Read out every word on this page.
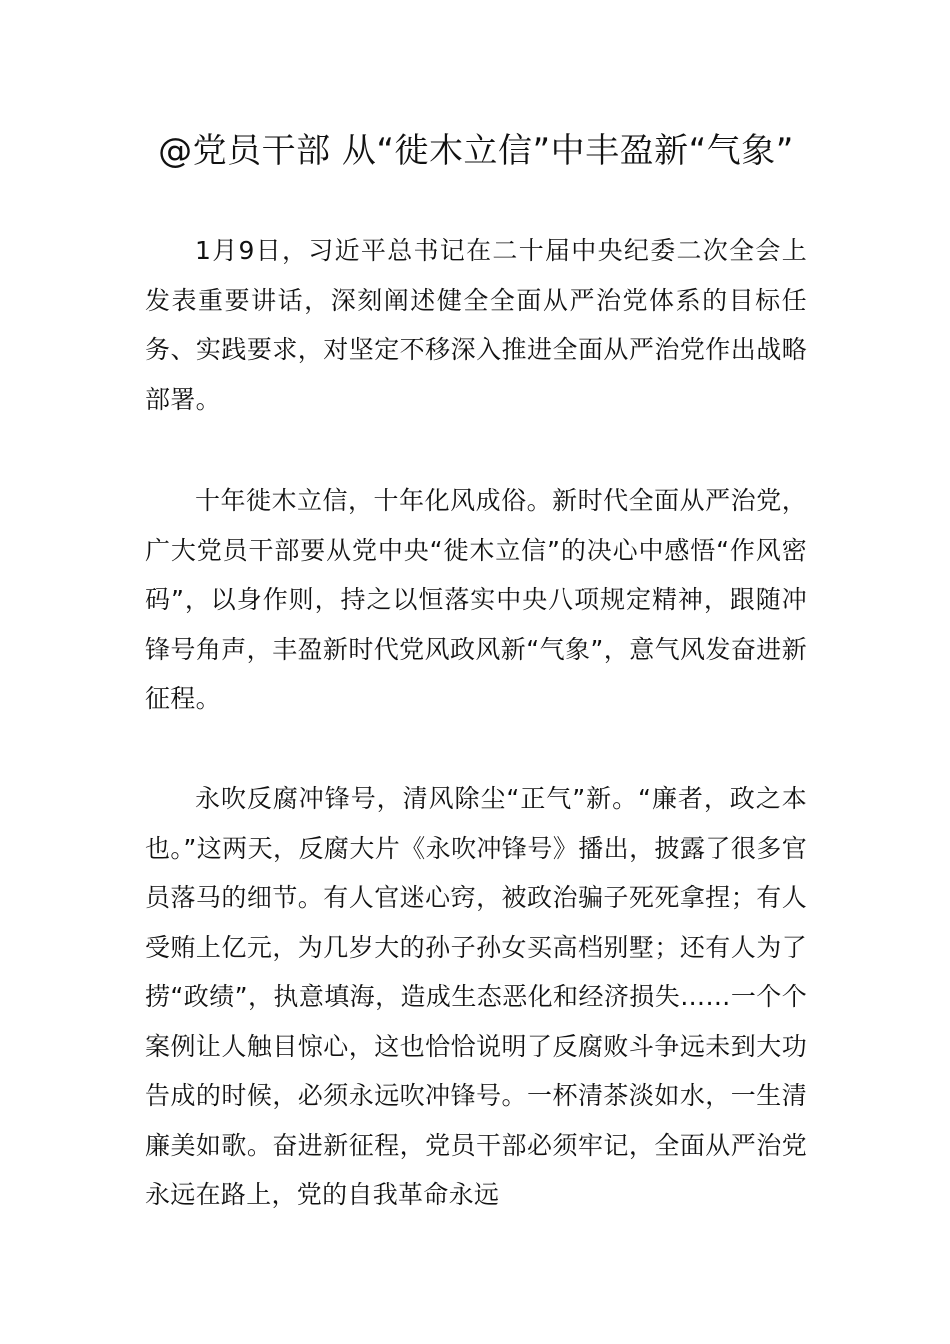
@党员干部 从“徙木立信”中丰盈新“气象”

1月9日，习近平总书记在二十届中央纪委二次全会上发表重要讲话，深刻阐述健全全面从严治党体系的目标任务、实践要求，对坚定不移深入推进全面从严治党作出战略部署。

十年徙木立信，十年化风成俗。新时代全面从严治党，广大党员干部要从党中央“徙木立信”的决心中感悟“作风密码”，以身作则，持之以恒落实中央八项规定精神，跟随冲锋号角声，丰盈新时代党风政风新“气象”，意气风发奋进新征程。

永吹反腐冲锋号，清风除尘“正气”新。“廉者，政之本也。”这两天，反腐大片《永吹冲锋号》播出，披露了很多官员落马的细节。有人官迷心窍，被政治骗子死死拿捏；有人受贿上亿元，为几岁大的孙子孙女买高档别墅；还有人为了捞“政绩”，执意填海，造成生态恶化和经济损失……一个个案例让人触目惊心，这也恰恰说明了反腐败斗争远未到大功告成的时候，必须永远吹冲锋号。一杯清茶淡如水，一生清廉美如歌。奋进新征程，党员干部必须牢记，全面从严治党永远在路上，党的自我革命永远
